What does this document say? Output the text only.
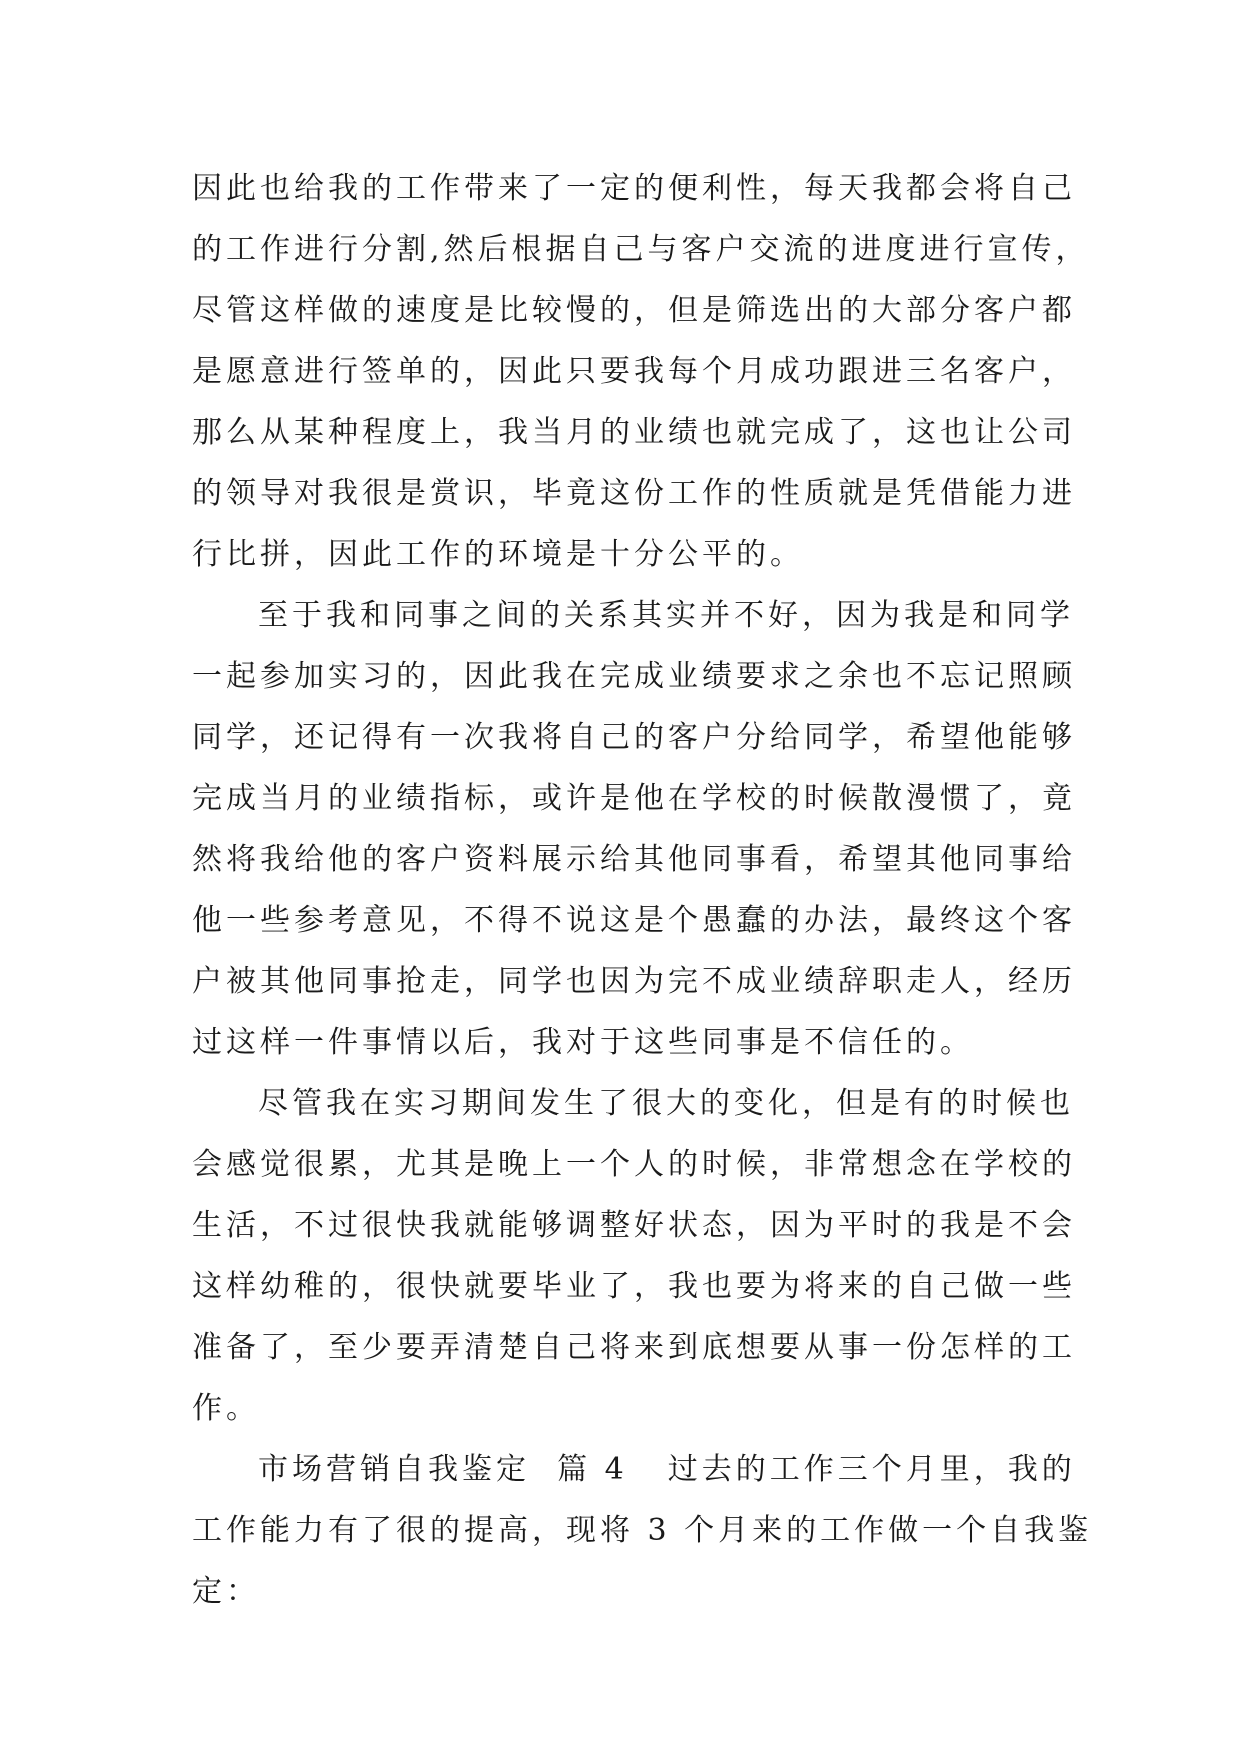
因此也给我的工作带来了一定的便利性，每天我都会将自己
的工作进行分割,然后根据自己与客户交流的进度进行宣传，
尽管这样做的速度是比较慢的，但是筛选出的大部分客户都
是愿意进行签单的，因此只要我每个月成功跟进三名客户，
那么从某种程度上，我当月的业绩也就完成了，这也让公司
的领导对我很是赏识，毕竟这份工作的性质就是凭借能力进
行比拼，因此工作的环境是十分公平的。
至于我和同事之间的关系其实并不好，因为我是和同学
一起参加实习的，因此我在完成业绩要求之余也不忘记照顾
同学，还记得有一次我将自己的客户分给同学，希望他能够
完成当月的业绩指标，或许是他在学校的时候散漫惯了，竟
然将我给他的客户资料展示给其他同事看，希望其他同事给
他一些参考意见，不得不说这是个愚蠢的办法，最终这个客
户被其他同事抢走，同学也因为完不成业绩辞职走人，经历
过这样一件事情以后，我对于这些同事是不信任的。
尽管我在实习期间发生了很大的变化，但是有的时候也
会感觉很累，尤其是晚上一个人的时候，非常想念在学校的
生活，不过很快我就能够调整好状态，因为平时的我是不会
这样幼稚的，很快就要毕业了，我也要为将来的自己做一些
准备了，至少要弄清楚自己将来到底想要从事一份怎样的工
作。
市场营销自我鉴定 篇 4 过去的工作三个月里，我的
工作能力有了很的提高，现将 3 个月来的工作做一个自我鉴
定：
